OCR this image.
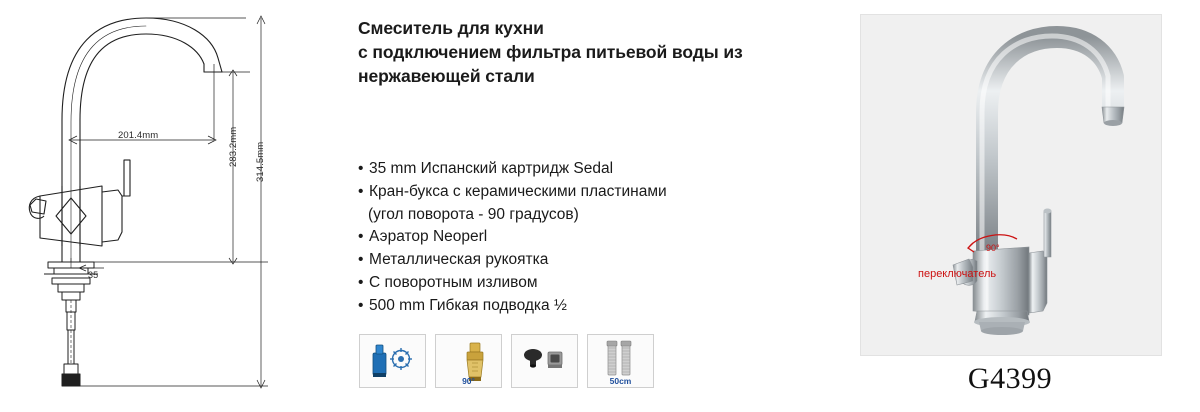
201.4mm	283.2mm 314.5mm
35
Смеситель для кухни
с подключением фильтра питьевой воды из
нержавеющей стали
• 35 mm Испанский картридж Sedal
• Кран-букса с керамическими пластинами
(угол поворота - 90 градусов)
• Аэратор Neoperl
• Металлическая рукоятка
• С поворотным изливом
• 500 mm Гибкая подводка ½
90°	50cm
90°
переключатель
G4399
